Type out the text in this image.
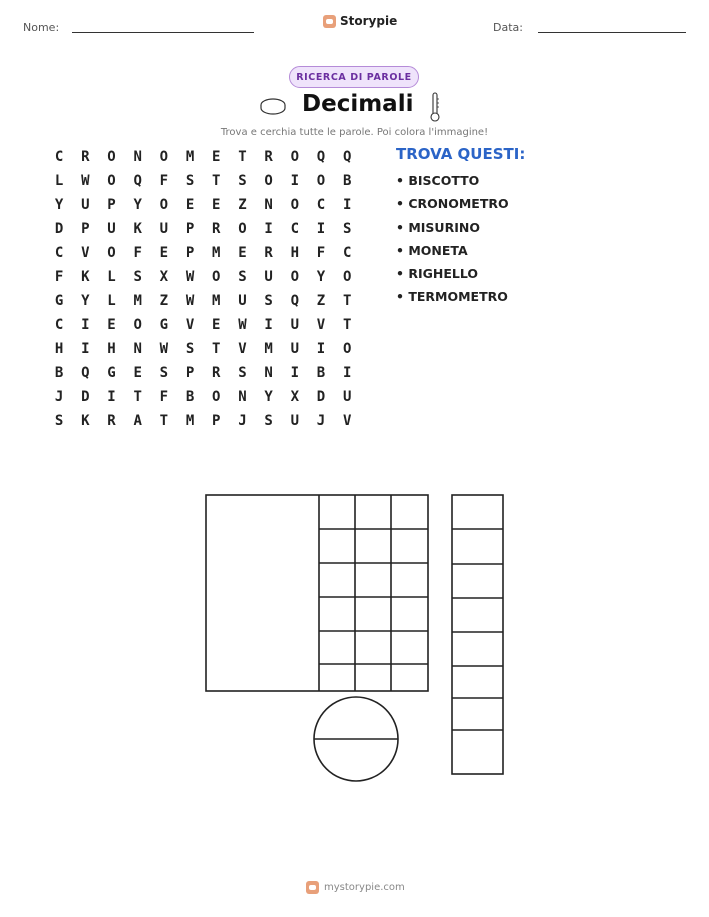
Nome:	Storypie	Data:
RICERCA DI PAROLE
Decimali
Trova e cerchia tutte le parole. Poi colora l'immagine!
C	R	O	N	O	M	E	T	R	O	Q	Q
L	W	O	Q	F	S	T	S	O	I	O	B
Y	U	P	Y	O	E	E	Z	N	O	C	I
D	P	U	K	U	P	R	O	I	C	I	S
C	V	O	F	E	P	M	E	R	H	F	C
F	K	L	S	X	W	O	S	U	O	Y	O
G	Y	L	M	Z	W	M	U	S	Q	Z	T
C	I	E	O	G	V	E	W	I	U	V	T
H	I	H	N	W	S	T	V	M	U	I	O
B	Q	G	E	S	P	R	S	N	I	B	I
J	D	I	T	F	B	O	N	Y	X	D	U
S	K	R	A	T	M	P	J	S	U	J	V
TROVA QUESTI:
• BISCOTTO
• CRONOMETRO
• MISURINO
• MONETA
• RIGHELLO
• TERMOMETRO
mystorypie.com
